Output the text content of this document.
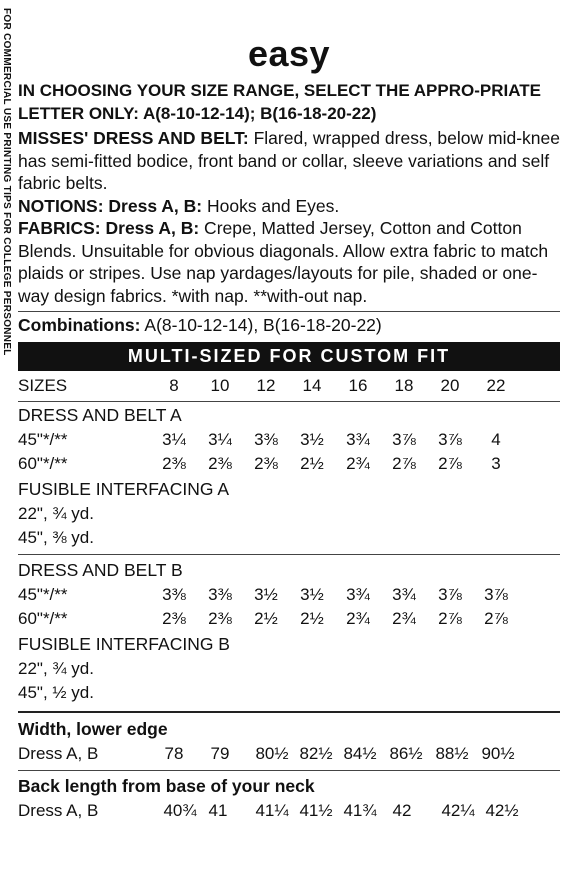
FOR COMMERCIAL USE PRINTING TIPS FOR COLLEGE PERSONNEL	easy
IN CHOOSING YOUR SIZE RANGE, SELECT THE APPRO-PRIATE LETTER ONLY: A(8-10-12-14); B(16-18-20-22)
MISSES' DRESS AND BELT: Flared, wrapped dress, below mid-knee has semi-fitted bodice, front band or collar, sleeve variations and self fabric belts.
NOTIONS: Dress A, B: Hooks and Eyes.
FABRICS: Dress A, B: Crepe, Matted Jersey, Cotton and Cotton Blends. Unsuitable for obvious diagonals. Allow extra fabric to match plaids or stripes. Use nap yardages/layouts for pile, shaded or one-way design fabrics. *with nap. **with-out nap.
Combinations: A(8-10-12-14), B(16-18-20-22)
MULTI-SIZED FOR CUSTOM FIT
SIZES	8	10	12	14	16	18	20	22
DRESS AND BELT A
45"*/**	3¼	3¼	3⅜	3½	3¾	3⅞	3⅞	4
60"*/**	2⅜	2⅜	2⅜	2½	2¾	2⅞	2⅞	3
FUSIBLE INTERFACING A
22", ¾ yd.
45", ⅜ yd.
DRESS AND BELT B
45"*/**	3⅜	3⅜	3½	3½	3¾	3¾	3⅞	3⅞
60"*/**	2⅜	2⅜	2½	2½	2¾	2¾	2⅞	2⅞
FUSIBLE INTERFACING B
22", ¾ yd.
45", ½ yd.
Width, lower edge
Dress A, B	78	79	80½ 82½ 84½ 86½ 88½ 90½
Back length from base of your neck
Dress A, B	40¾ 41	41¼ 41½ 41¾ 42	42¼ 42½
